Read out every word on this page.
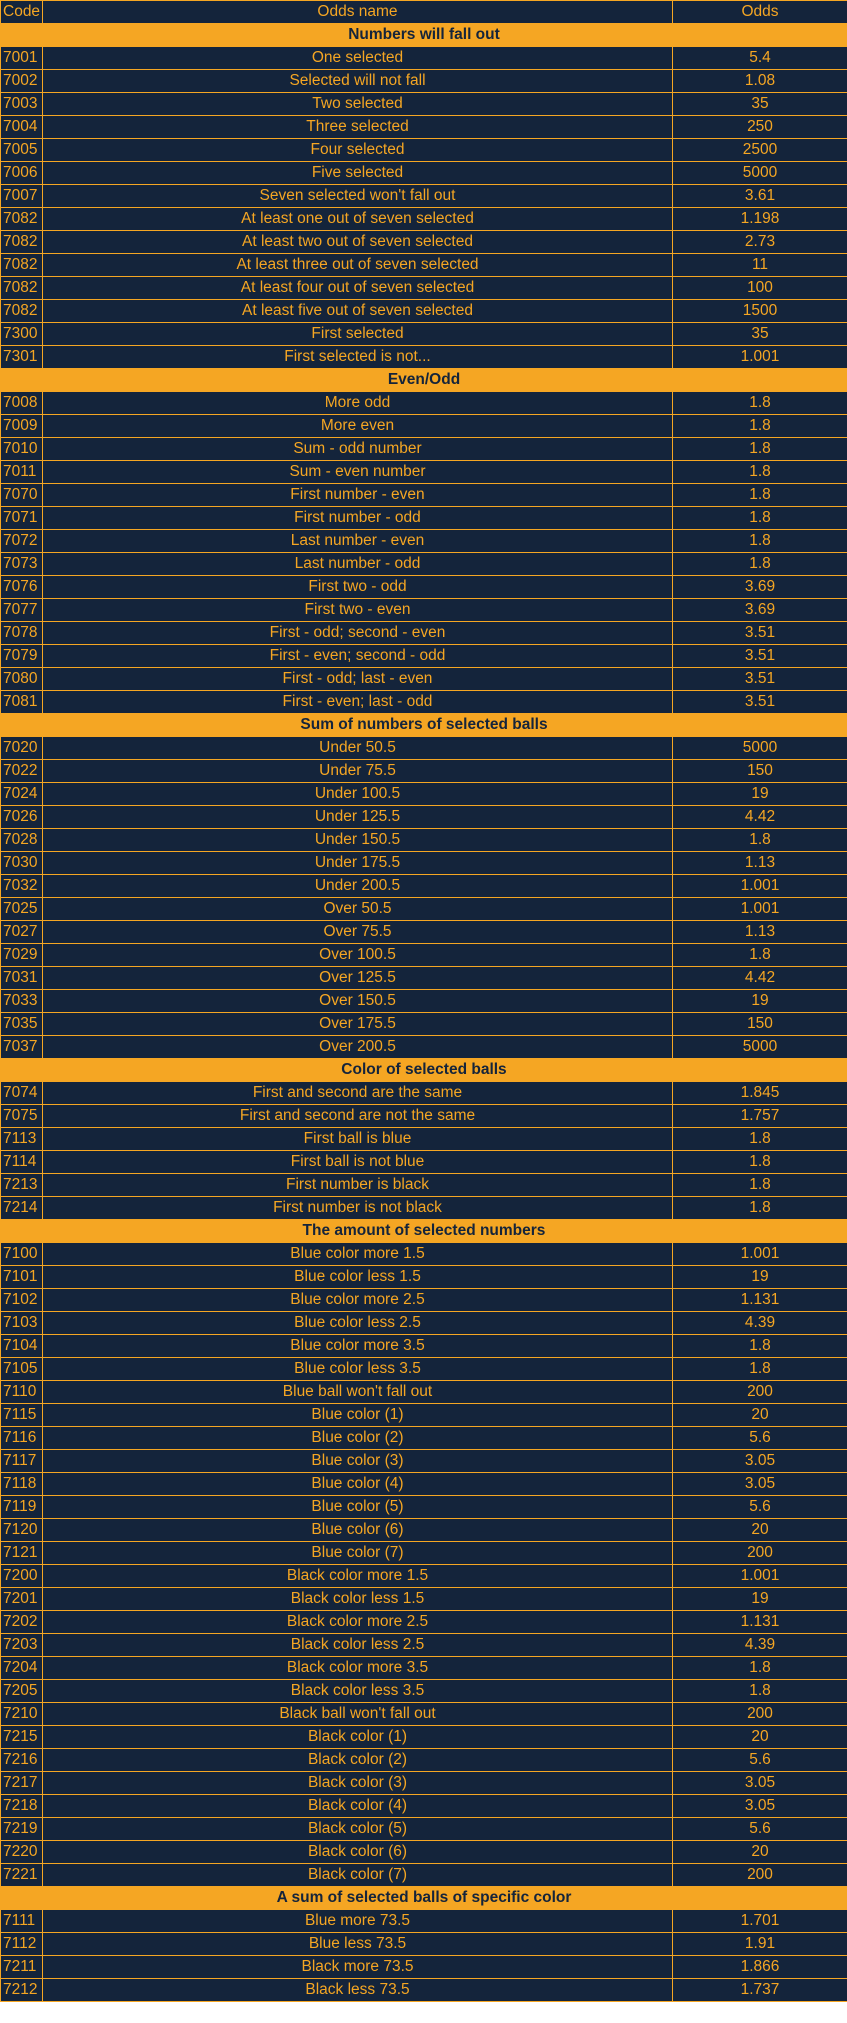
Code	Odds name	Odds
Numbers will fall out		
7001	One selected	5.4
7002	Selected will not fall	1.08
7003	Two selected	35
7004	Three selected	250
7005	Four selected	2500
7006	Five selected	5000
7007	Seven selected won't fall out	3.61
7082	At least one out of seven selected	1.198
7082	At least two out of seven selected	2.73
7082	At least three out of seven selected	11
7082	At least four out of seven selected	100
7082	At least five out of seven selected	1500
7300	First selected	35
7301	First selected is not...	1.001
Even/Odd		
7008	More odd	1.8
7009	More even	1.8
7010	Sum - odd number	1.8
7011	Sum - even number	1.8
7070	First number - even	1.8
7071	First number - odd	1.8
7072	Last number - even	1.8
7073	Last number - odd	1.8
7076	First two - odd	3.69
7077	First two - even	3.69
7078	First - odd; second - even	3.51
7079	First - even; second - odd	3.51
7080	First - odd; last - even	3.51
7081	First - even; last - odd	3.51
Sum of numbers of selected balls		
7020	Under 50.5	5000
7022	Under 75.5	150
7024	Under 100.5	19
7026	Under 125.5	4.42
7028	Under 150.5	1.8
7030	Under 175.5	1.13
7032	Under 200.5	1.001
7025	Over 50.5	1.001
7027	Over 75.5	1.13
7029	Over 100.5	1.8
7031	Over 125.5	4.42
7033	Over 150.5	19
7035	Over 175.5	150
7037	Over 200.5	5000
Color of selected balls		
7074	First and second are the same	1.845
7075	First and second are not the same	1.757
7113	First ball is blue	1.8
7114	First ball is not blue	1.8
7213	First number is black	1.8
7214	First number is not black	1.8
The amount of selected numbers		
7100	Blue color more 1.5	1.001
7101	Blue color less 1.5	19
7102	Blue color more 2.5	1.131
7103	Blue color less 2.5	4.39
7104	Blue color more 3.5	1.8
7105	Blue color less 3.5	1.8
7110	Blue ball won't fall out	200
7115	Blue color (1)	20
7116	Blue color (2)	5.6
7117	Blue color (3)	3.05
7118	Blue color (4)	3.05
7119	Blue color (5)	5.6
7120	Blue color (6)	20
7121	Blue color (7)	200
7200	Black color more 1.5	1.001
7201	Black color less 1.5	19
7202	Black color more 2.5	1.131
7203	Black color less 2.5	4.39
7204	Black color more 3.5	1.8
7205	Black color less 3.5	1.8
7210	Black ball won't fall out	200
7215	Black color (1)	20
7216	Black color (2)	5.6
7217	Black color (3)	3.05
7218	Black color (4)	3.05
7219	Black color (5)	5.6
7220	Black color (6)	20
7221	Black color (7)	200
A sum of selected balls of specific color		
7111	Blue more 73.5	1.701
7112	Blue less 73.5	1.91
7211	Black more 73.5	1.866
7212	Black less 73.5	1.737
